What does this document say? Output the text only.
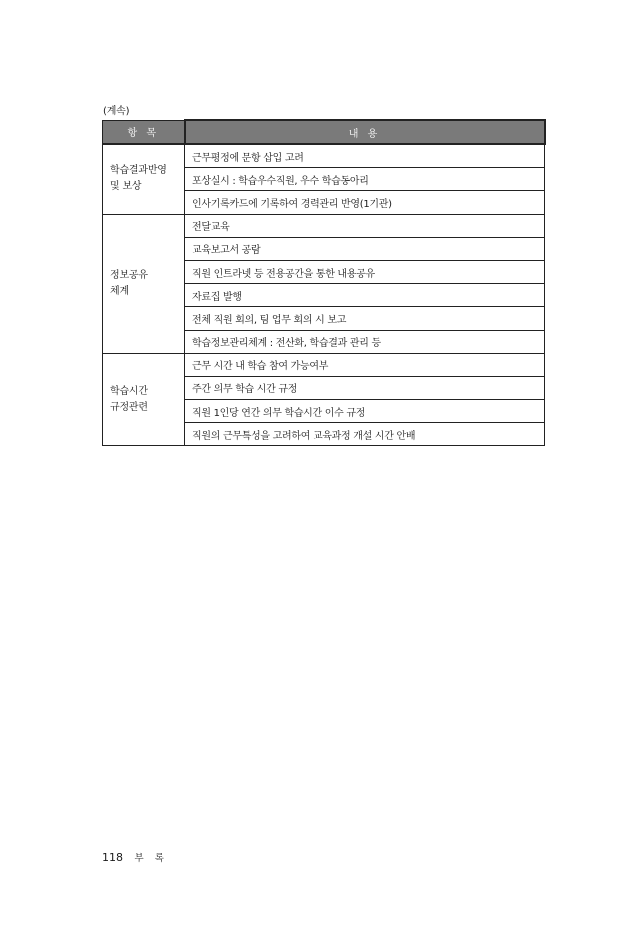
(계속)
항 목	내 용

학습결과반영
및 보상	근무평정에 문항 삽입 고려
	포상실시 : 학습우수직원, 우수 학습동아리
	인사기록카드에 기록하여 경력관리 반영(1기관)

정보공유
체계	전달교육
	교육보고서 공람
	직원 인트라넷 등 전용공간을 통한 내용공유
	자료집 발행
	전체 직원 회의, 팀 업무 회의 시 보고
	학습정보관리체계 : 전산화, 학습결과 관리 등

학습시간
규정관련	근무 시간 내 학습 참여 가능여부
	주간 의무 학습 시간 규정
	직원 1인당 연간 의무 학습시간 이수 규정
	직원의 근무특성을 고려하여 교육과정 개설 시간 안배
118 부 록
